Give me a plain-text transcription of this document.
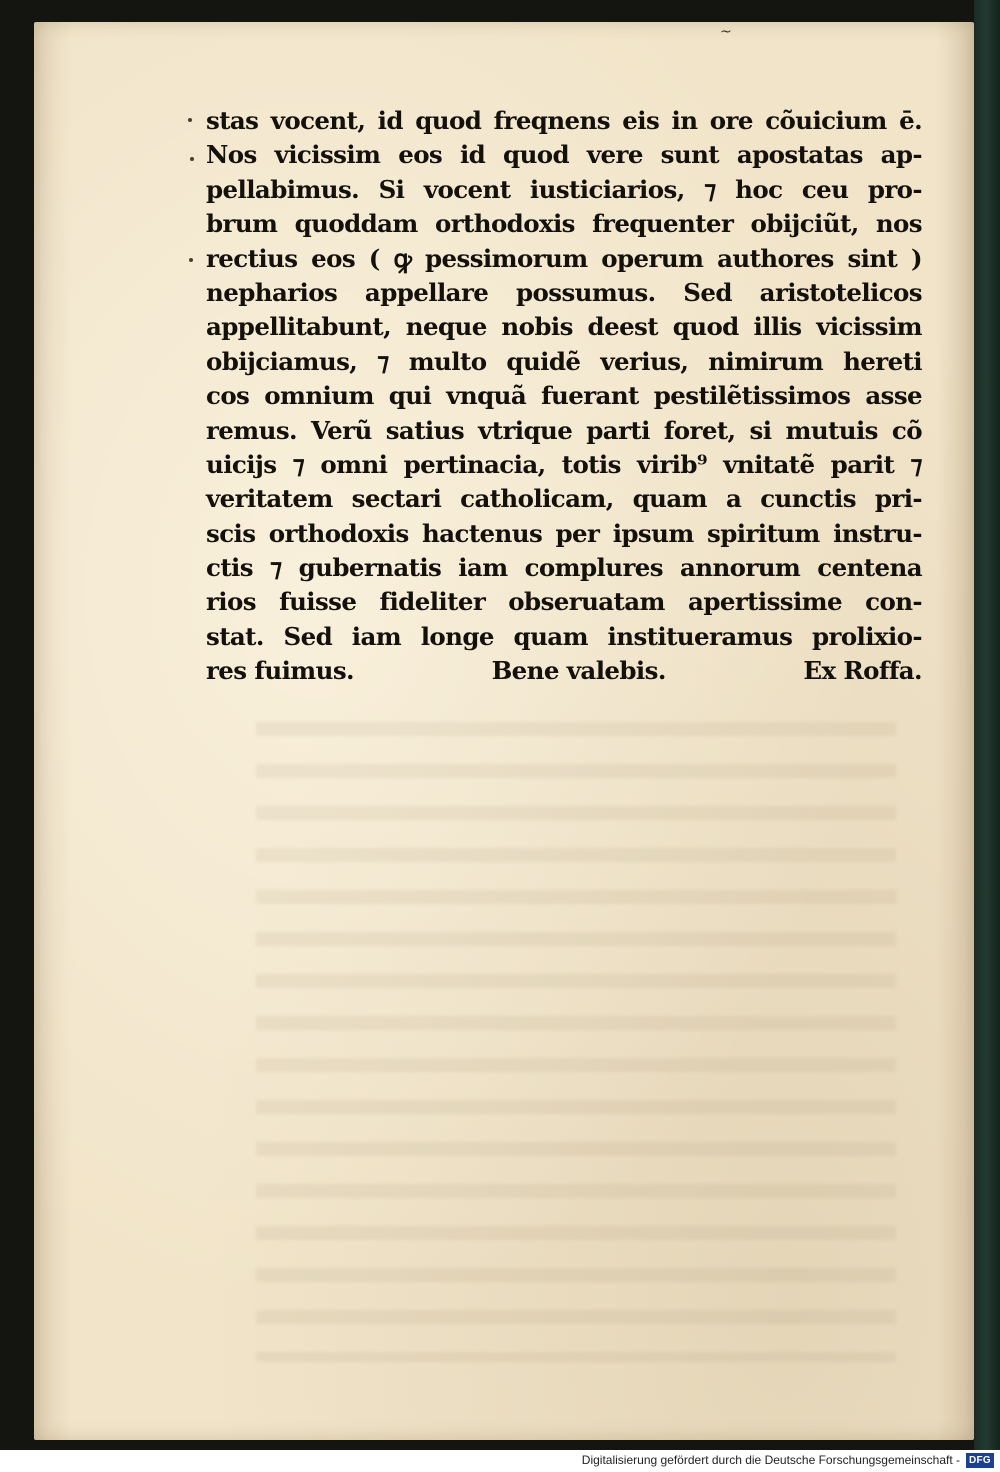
~
stas vocent, id quod freqnens eis in ore cõuicium ē.
Nos vicissim eos id quod vere sunt apostatas ap-
pellabimus. Si vocent iusticiarios, ⁊ hoc ceu pro-
brum quoddam orthodoxis frequenter obijciũt, nos
rectius eos ( ꝙ pessimorum operum authores sint )
nepharios appellare possumus. Sed aristotelicos
appellitabunt, neque nobis deest quod illis vicissim
obijciamus, ⁊ multo quidẽ verius, nimirum hereti
cos omnium qui vnquã fuerant pestilẽtissimos asse
remus. Verũ satius vtrique parti foret, si mutuis cõ
uicijs ⁊ omni pertinacia, totis virib⁹ vnitatẽ parit ⁊
veritatem sectari catholicam, quam a cunctis pri-
scis orthodoxis hactenus per ipsum spiritum instru-
ctis ⁊ gubernatis iam complures annorum centena
rios fuisse fideliter obseruatam apertissime con-
stat. Sed iam longe quam institueramus prolixio-
res fuimus.	Bene valebis.	Ex Roffa.
Digitalisierung gefördert durch die Deutsche Forschungsgemeinschaft - DFG
